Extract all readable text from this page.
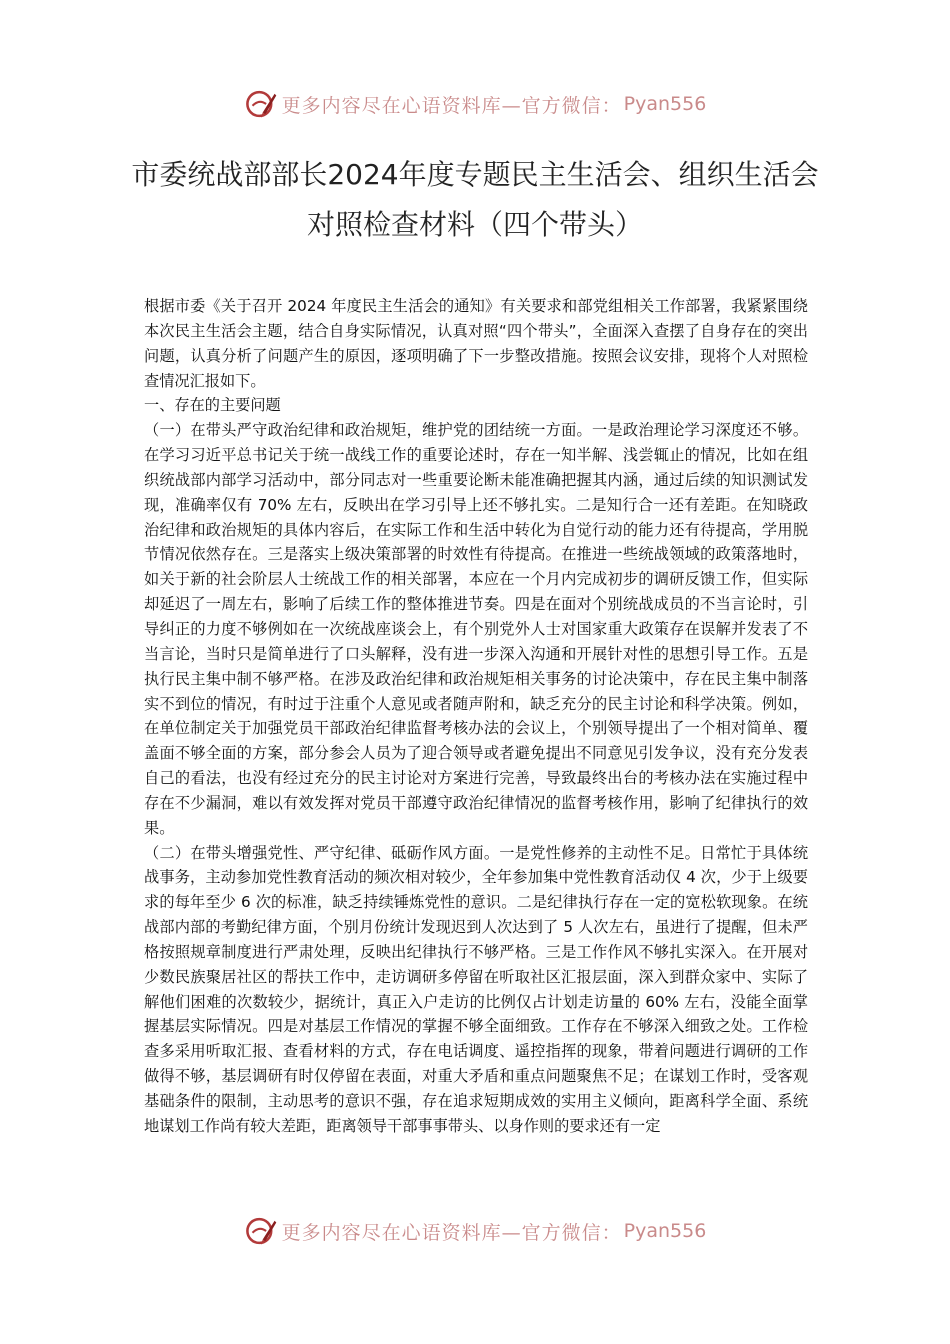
更多内容尽在心语资料库—官方微信： Pyan556
市委统战部部长2024年度专题民主生活会、组织生活会对照检查材料（四个带头）

根据市委《关于召开 2024 年度民主生活会的通知》有关要求和部党组相关工作部署，我紧紧围绕本次民主生活会主题，结合自身实际情况，认真对照“四个带头”，全面深入查摆了自身存在的突出问题，认真分析了问题产生的原因，逐项明确了下一步整改措施。按照会议安排，现将个人对照检查情况汇报如下。

一、存在的主要问题

（一）在带头严守政治纪律和政治规矩，维护党的团结统一方面。一是政治理论学习深度还不够。在学习习近平总书记关于统一战线工作的重要论述时，存在一知半解、浅尝辄止的情况，比如在组织统战部内部学习活动中，部分同志对一些重要论断未能准确把握其内涵，通过后续的知识测试发现，准确率仅有 70% 左右，反映出在学习引导上还不够扎实。二是知行合一还有差距。在知晓政治纪律和政治规矩的具体内容后，在实际工作和生活中转化为自觉行动的能力还有待提高，学用脱节情况依然存在。三是落实上级决策部署的时效性有待提高。在推进一些统战领域的政策落地时，如关于新的社会阶层人士统战工作的相关部署，本应在一个月内完成初步的调研反馈工作，但实际却延迟了一周左右，影响了后续工作的整体推进节奏。四是在面对个别统战成员的不当言论时，引导纠正的力度不够例如在一次统战座谈会上，有个别党外人士对国家重大政策存在误解并发表了不当言论，当时只是简单进行了口头解释，没有进一步深入沟通和开展针对性的思想引导工作。五是执行民主集中制不够严格。在涉及政治纪律和政治规矩相关事务的讨论决策中，存在民主集中制落实不到位的情况，有时过于注重个人意见或者随声附和，缺乏充分的民主讨论和科学决策。例如，在单位制定关于加强党员干部政治纪律监督考核办法的会议上，个别领导提出了一个相对简单、覆盖面不够全面的方案，部分参会人员为了迎合领导或者避免提出不同意见引发争议，没有充分发表自己的看法，也没有经过充分的民主讨论对方案进行完善，导致最终出台的考核办法在实施过程中存在不少漏洞，难以有效发挥对党员干部遵守政治纪律情况的监督考核作用，影响了纪律执行的效果。

（二）在带头增强党性、严守纪律、砥砺作风方面。一是党性修养的主动性不足。日常忙于具体统战事务，主动参加党性教育活动的频次相对较少，全年参加集中党性教育活动仅 4 次，少于上级要求的每年至少 6 次的标准，缺乏持续锤炼党性的意识。二是纪律执行存在一定的宽松软现象。在统战部内部的考勤纪律方面，个别月份统计发现迟到人次达到了 5 人次左右，虽进行了提醒，但未严格按照规章制度进行严肃处理，反映出纪律执行不够严格。三是工作作风不够扎实深入。在开展对少数民族聚居社区的帮扶工作中，走访调研多停留在听取社区汇报层面，深入到群众家中、实际了解他们困难的次数较少，据统计，真正入户走访的比例仅占计划走访量的 60% 左右，没能全面掌握基层实际情况。四是对基层工作情况的掌握不够全面细致。工作存在不够深入细致之处。工作检查多采用听取汇报、查看材料的方式，存在电话调度、遥控指挥的现象，带着问题进行调研的工作做得不够，基层调研有时仅停留在表面，对重大矛盾和重点问题聚焦不足；在谋划工作时，受客观基础条件的限制，主动思考的意识不强，存在追求短期成效的实用主义倾向，距离科学全面、系统地谋划工作尚有较大差距，距离领导干部事事带头、以身作则的要求还有一定

更多内容尽在心语资料库—官方微信： Pyan556
